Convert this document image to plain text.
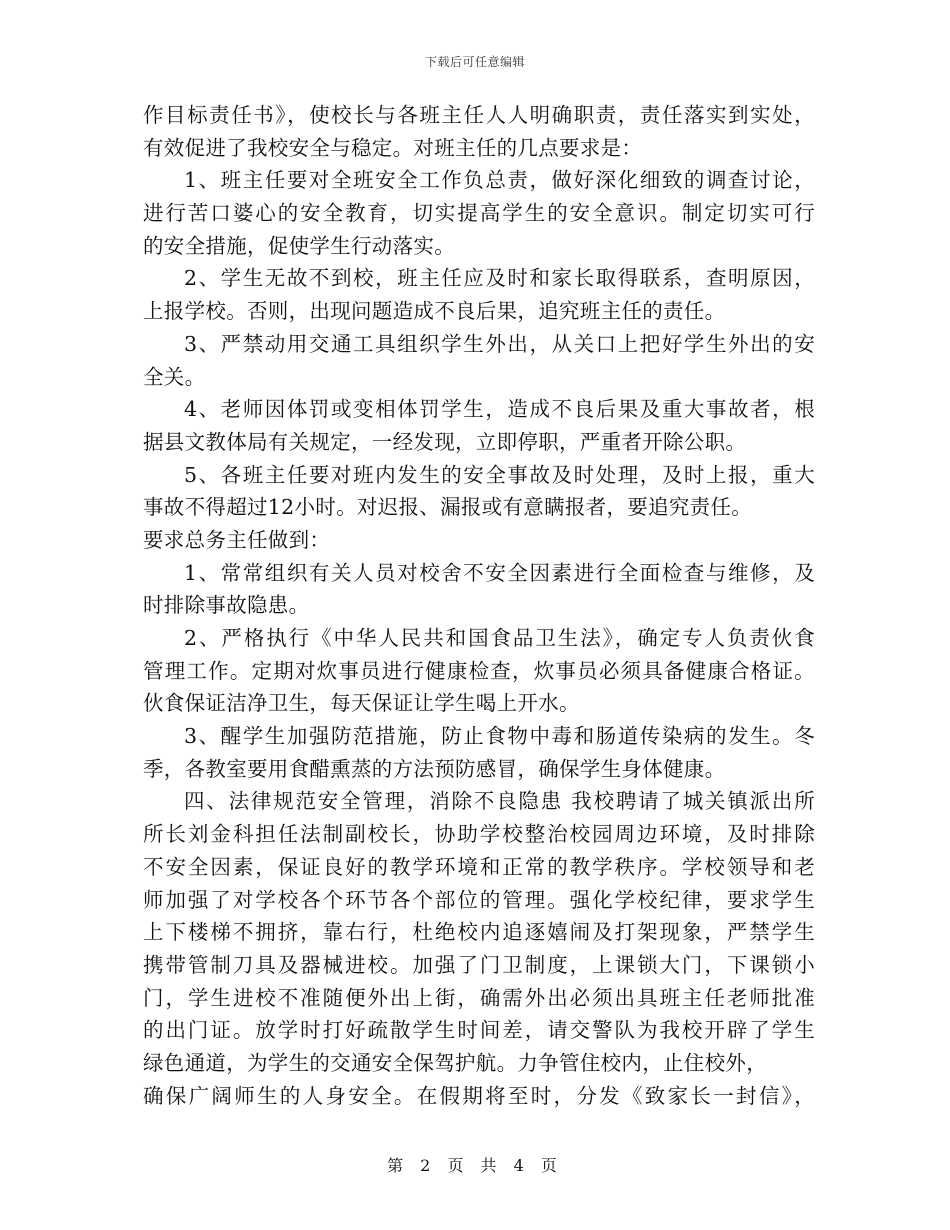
下载后可任意编辑
作目标责任书》，使校长与各班主任人人明确职责，责任落实到实处，
有效促进了我校安全与稳定。对班主任的几点要求是：
1、班主任要对全班安全工作负总责，做好深化细致的调查讨论，
进行苦口婆心的安全教育，切实提高学生的安全意识。制定切实可行
的安全措施，促使学生行动落实。
2、学生无故不到校，班主任应及时和家长取得联系，查明原因，
上报学校。否则，出现问题造成不良后果，追究班主任的责任。
3、严禁动用交通工具组织学生外出，从关口上把好学生外出的安
全关。
4、老师因体罚或变相体罚学生，造成不良后果及重大事故者，根
据县文教体局有关规定，一经发现，立即停职，严重者开除公职。
5、各班主任要对班内发生的安全事故及时处理，及时上报，重大
事故不得超过12小时。对迟报、漏报或有意瞒报者，要追究责任。
要求总务主任做到：
1、常常组织有关人员对校舍不安全因素进行全面检查与维修，及
时排除事故隐患。
2、严格执行《中华人民共和国食品卫生法》，确定专人负责伙食
管理工作。定期对炊事员进行健康检查，炊事员必须具备健康合格证。
伙食保证洁净卫生，每天保证让学生喝上开水。
3、醒学生加强防范措施，防止食物中毒和肠道传染病的发生。冬
季，各教室要用食醋熏蒸的方法预防感冒，确保学生身体健康。
四、法律规范安全管理，消除不良隐患 我校聘请了城关镇派出所
所长刘金科担任法制副校长，协助学校整治校园周边环境，及时排除
不安全因素，保证良好的教学环境和正常的教学秩序。学校领导和老
师加强了对学校各个环节各个部位的管理。强化学校纪律，要求学生
上下楼梯不拥挤，靠右行，杜绝校内追逐嬉闹及打架现象，严禁学生
携带管制刀具及器械进校。加强了门卫制度，上课锁大门，下课锁小
门，学生进校不准随便外出上街，确需外出必须出具班主任老师批准
的出门证。放学时打好疏散学生时间差，请交警队为我校开辟了学生
绿色通道，为学生的交通安全保驾护航。力争管住校内，止住校外，
确保广阔师生的人身安全。在假期将至时，分发《致家长一封信》，
第 2 页 共 4 页
